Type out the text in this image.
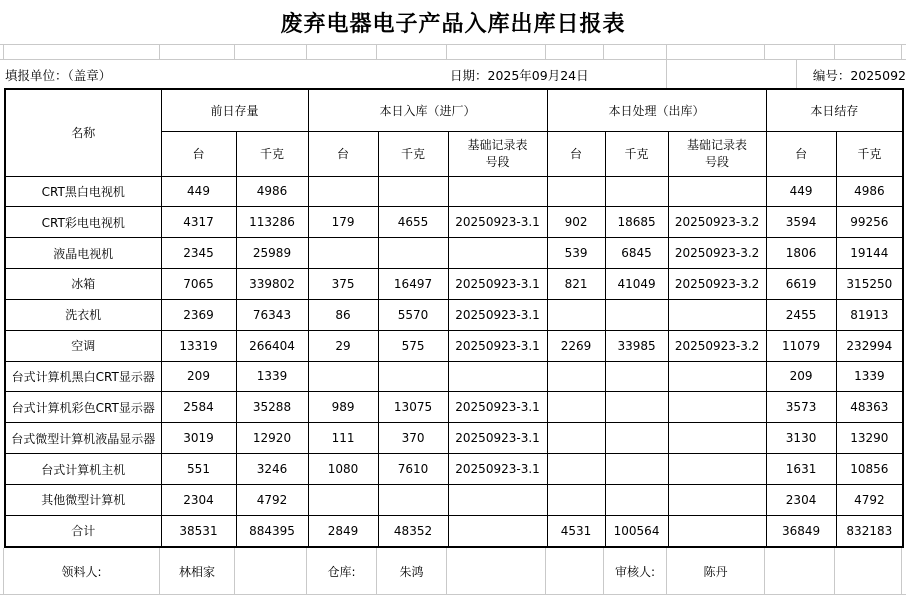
废弃电器电子产品入库出库日报表
填报单位：（盖章）	日期：2025年09月24日	编号：2025092
名称	前日存量		本日入库（进厂）			本日处理（出库）			本日结存	
	台	千克	台	千克	基础记录表号段	台	千克	基础记录表号段	台	千克
CRT黑白电视机	449	4986							449	4986
CRT彩电电视机	4317	113286	179	4655	20250923-3.1	902	18685	20250923-3.2	3594	99256
液晶电视机	2345	25989				539	6845	20250923-3.2	1806	19144
冰箱	7065	339802	375	16497	20250923-3.1	821	41049	20250923-3.2	6619	315250
洗衣机	2369	76343	86	5570	20250923-3.1				2455	81913
空调	13319	266404	29	575	20250923-3.1	2269	33985	20250923-3.2	11079	232994
台式计算机黑白CRT显示器	209	1339							209	1339
台式计算机彩色CRT显示器	2584	35288	989	13075	20250923-3.1				3573	48363
台式微型计算机液晶显示器	3019	12920	111	370	20250923-3.1				3130	13290
台式计算机主机	551	3246	1080	7610	20250923-3.1				1631	10856
其他微型计算机	2304	4792							2304	4792
合计	38531	884395	2849	48352		4531	100564		36849	832183
领料人:	林相家	仓库:	朱鸿	审核人:	陈丹
